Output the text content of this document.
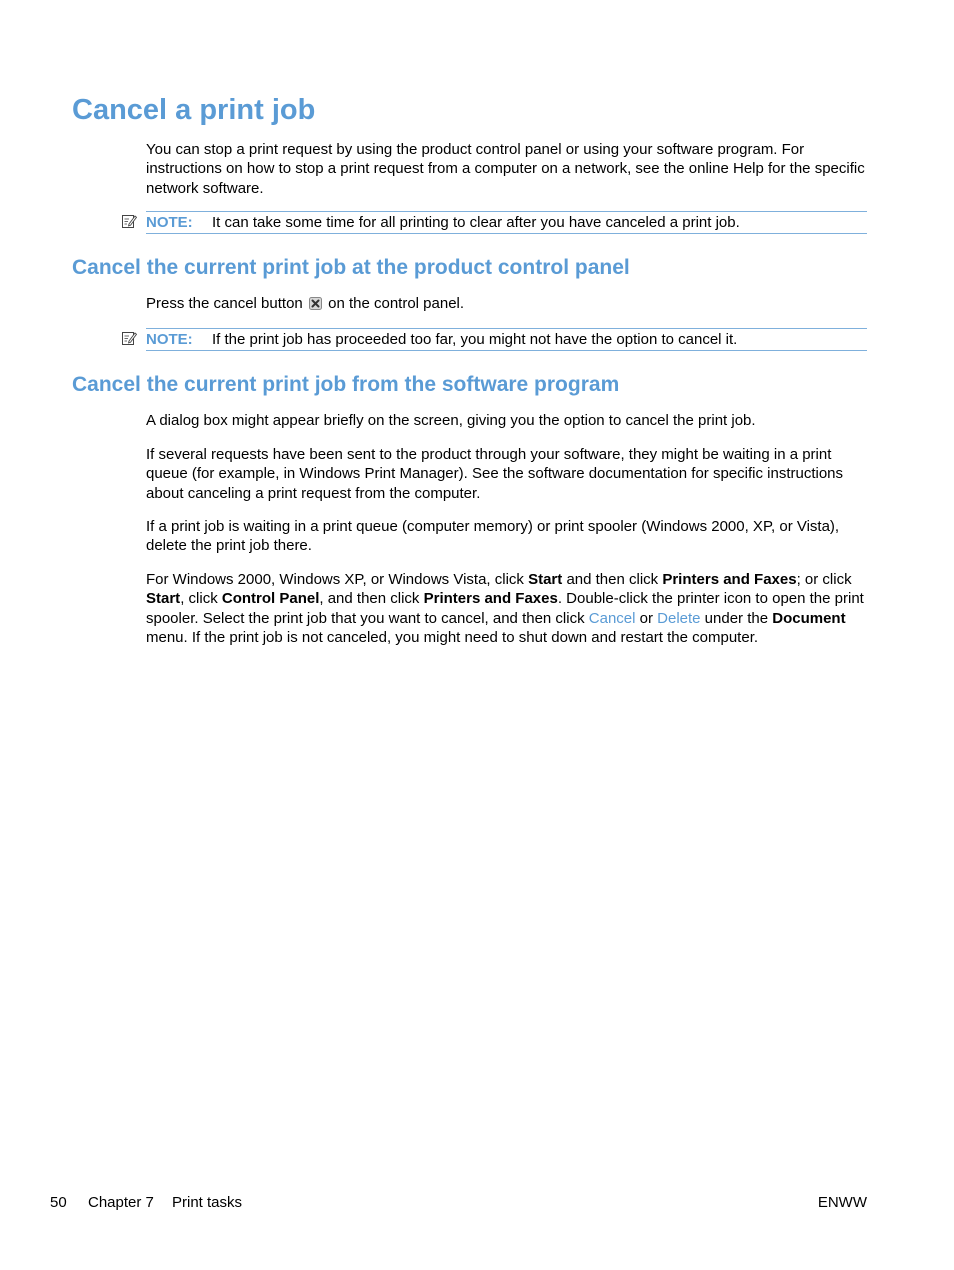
Cancel a print job

You can stop a print request by using the product control panel or using your software program. For instructions on how to stop a print request from a computer on a network, see the online Help for the specific network software.

NOTE: It can take some time for all printing to clear after you have canceled a print job.
Cancel the current print job at the product control panel

Press the cancel button on the control panel.

NOTE: If the print job has proceeded too far, you might not have the option to cancel it.
Cancel the current print job from the software program

A dialog box might appear briefly on the screen, giving you the option to cancel the print job.

If several requests have been sent to the product through your software, they might be waiting in a print queue (for example, in Windows Print Manager). See the software documentation for specific instructions about canceling a print request from the computer.

If a print job is waiting in a print queue (computer memory) or print spooler (Windows 2000, XP, or Vista), delete the print job there.

For Windows 2000, Windows XP, or Windows Vista, click Start and then click Printers and Faxes; or click Start, click Control Panel, and then click Printers and Faxes. Double-click the printer icon to open the print spooler. Select the print job that you want to cancel, and then click Cancel or Delete under the Document menu. If the print job is not canceled, you might need to shut down and restart the computer.

50 Chapter 7 Print tasks	ENWW
